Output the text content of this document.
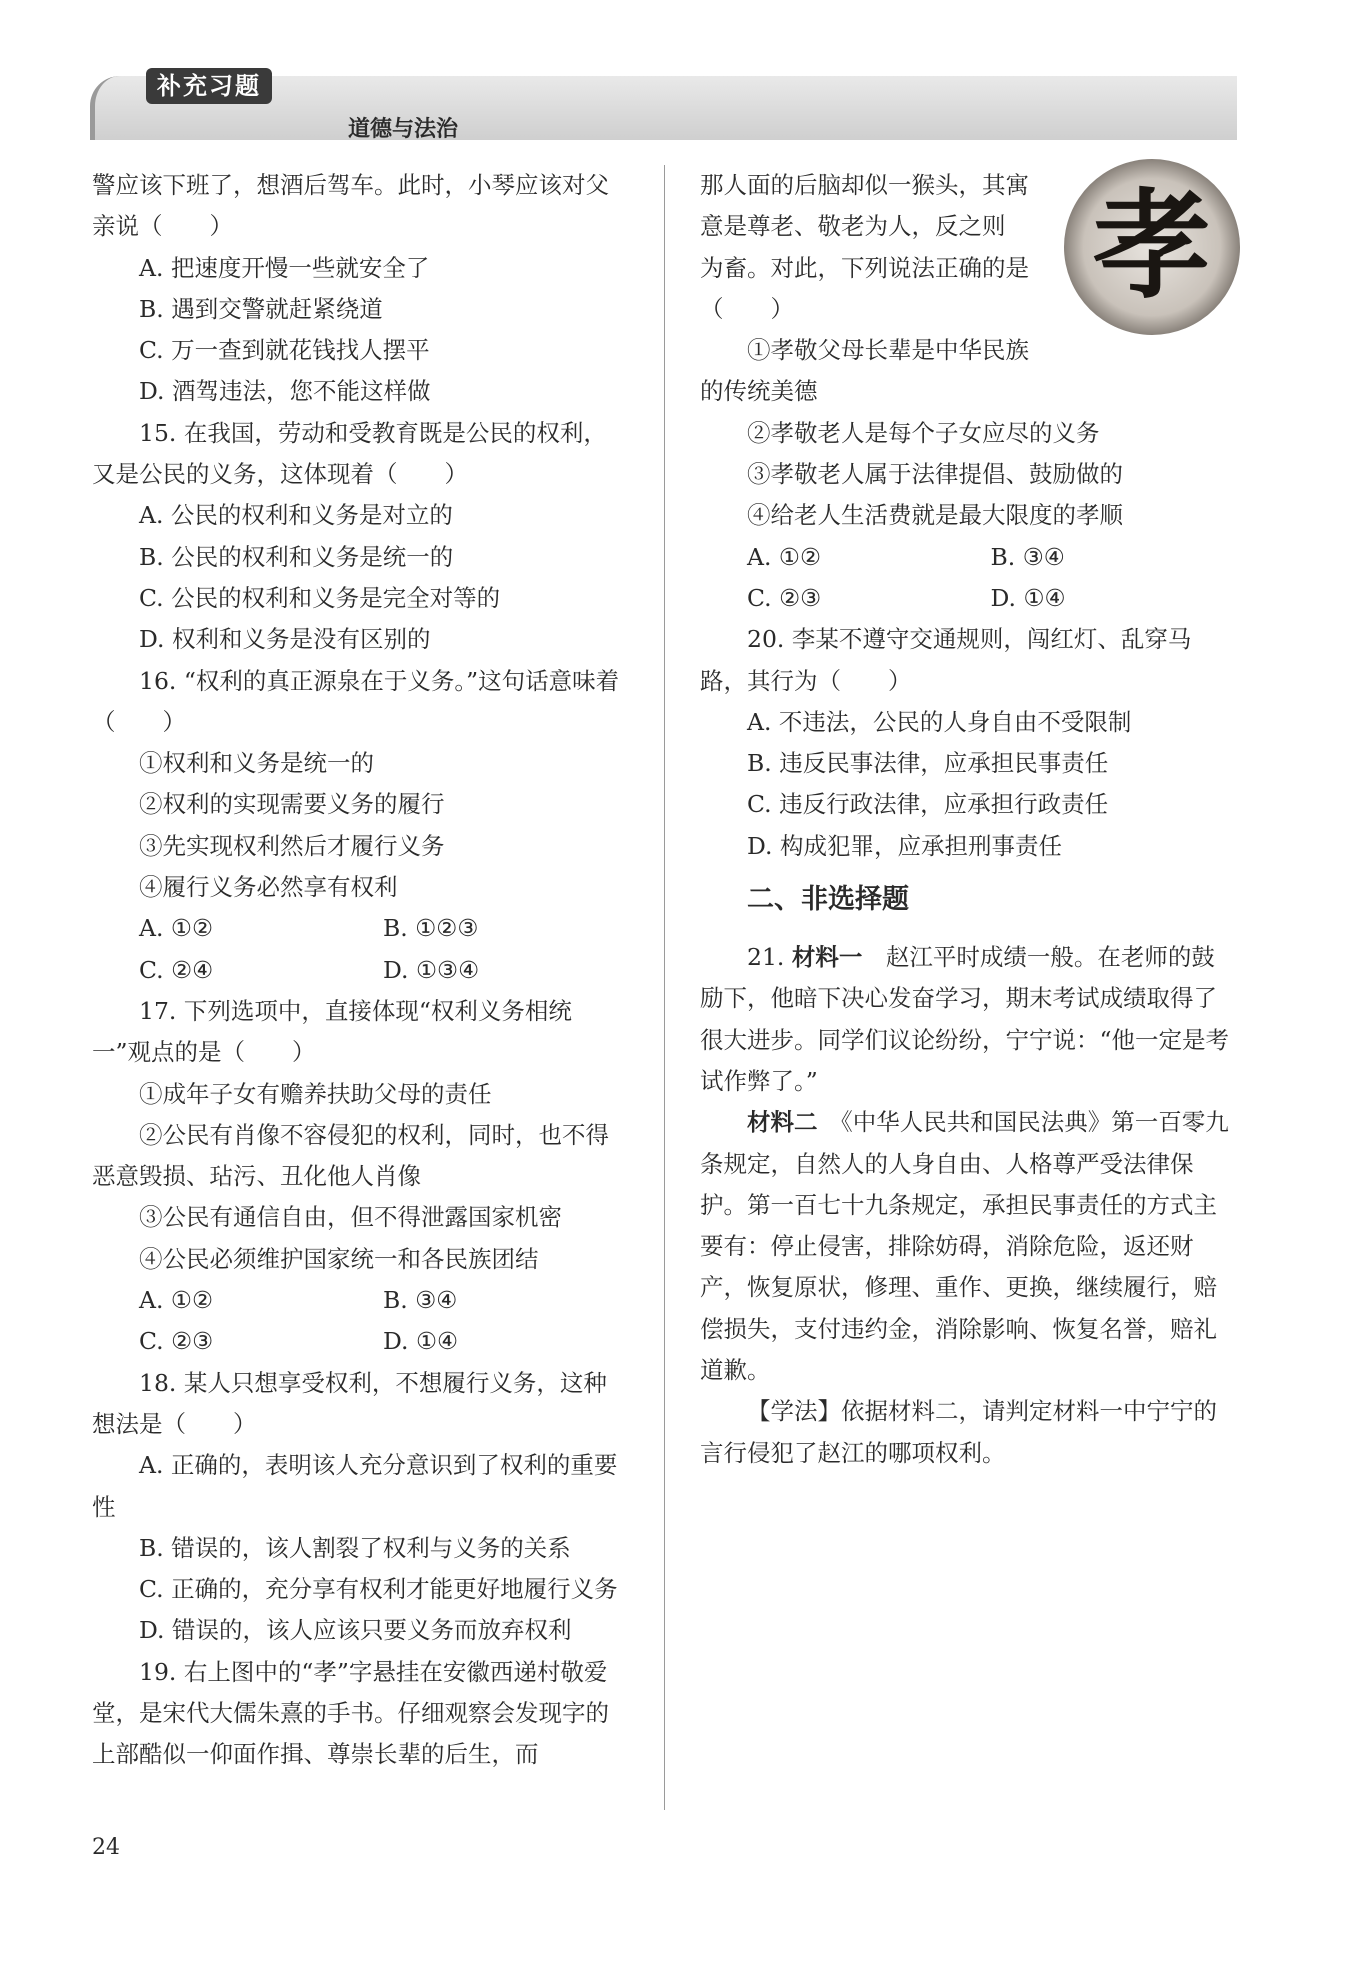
补充习题
道德与法治

警应该下班了，想酒后驾车。此时，小琴应该对父亲说（　　）

A. 把速度开慢一些就安全了

B. 遇到交警就赶紧绕道

C. 万一查到就花钱找人摆平

D. 酒驾违法，您不能这样做

15. 在我国，劳动和受教育既是公民的权利，又是公民的义务，这体现着（　　）

A. 公民的权利和义务是对立的

B. 公民的权利和义务是统一的

C. 公民的权利和义务是完全对等的

D. 权利和义务是没有区别的

16. “权利的真正源泉在于义务。”这句话意味着（　　）

①权利和义务是统一的

②权利的实现需要义务的履行

③先实现权利然后才履行义务

④履行义务必然享有权利

A. ①②	B. ①②③
C. ②④	D. ①③④

17. 下列选项中，直接体现“权利义务相统一”观点的是（　　）

①成年子女有赡养扶助父母的责任

②公民有肖像不容侵犯的权利，同时，也不得恶意毁损、玷污、丑化他人肖像

③公民有通信自由，但不得泄露国家机密

④公民必须维护国家统一和各民族团结

A. ①②	B. ③④
C. ②③	D. ①④

18. 某人只想享受权利，不想履行义务，这种想法是（　　）

A. 正确的，表明该人充分意识到了权利的重要性

B. 错误的，该人割裂了权利与义务的关系

C. 正确的，充分享有权利才能更好地履行义务

D. 错误的，该人应该只要义务而放弃权利

19. 右上图中的“孝”字悬挂在安徽西递村敬爱堂，是宋代大儒朱熹的手书。仔细观察会发现字的上部酷似一仰面作揖、尊崇长辈的后生，而

孝

那人面的后脑却似一猴头，其寓

意是尊老、敬老为人，反之则

为畜。对此，下列说法正确的是

（　　）

①孝敬父母长辈是中华民族

的传统美德

②孝敬老人是每个子女应尽的义务

③孝敬老人属于法律提倡、鼓励做的

④给老人生活费就是最大限度的孝顺

A. ①②	B. ③④
C. ②③	D. ①④

20. 李某不遵守交通规则，闯红灯、乱穿马路，其行为（　　）

A. 不违法，公民的人身自由不受限制

B. 违反民事法律，应承担民事责任

C. 违反行政法律，应承担行政责任

D. 构成犯罪，应承担刑事责任

二、非选择题

21. 材料一　赵江平时成绩一般。在老师的鼓励下，他暗下决心发奋学习，期末考试成绩取得了很大进步。同学们议论纷纷，宁宁说：“他一定是考试作弊了。”

材料二　 《中华人民共和国民法典》第一百零九条规定，自然人的人身自由、人格尊严受法律保护。第一百七十九条规定，承担民事责任的方式主要有：停止侵害，排除妨碍，消除危险，返还财产，恢复原状，修理、重作、更换，继续履行，赔偿损失，支付违约金，消除影响、恢复名誉，赔礼道歉。

【学法】依据材料二，请判定材料一中宁宁的言行侵犯了赵江的哪项权利。

24
